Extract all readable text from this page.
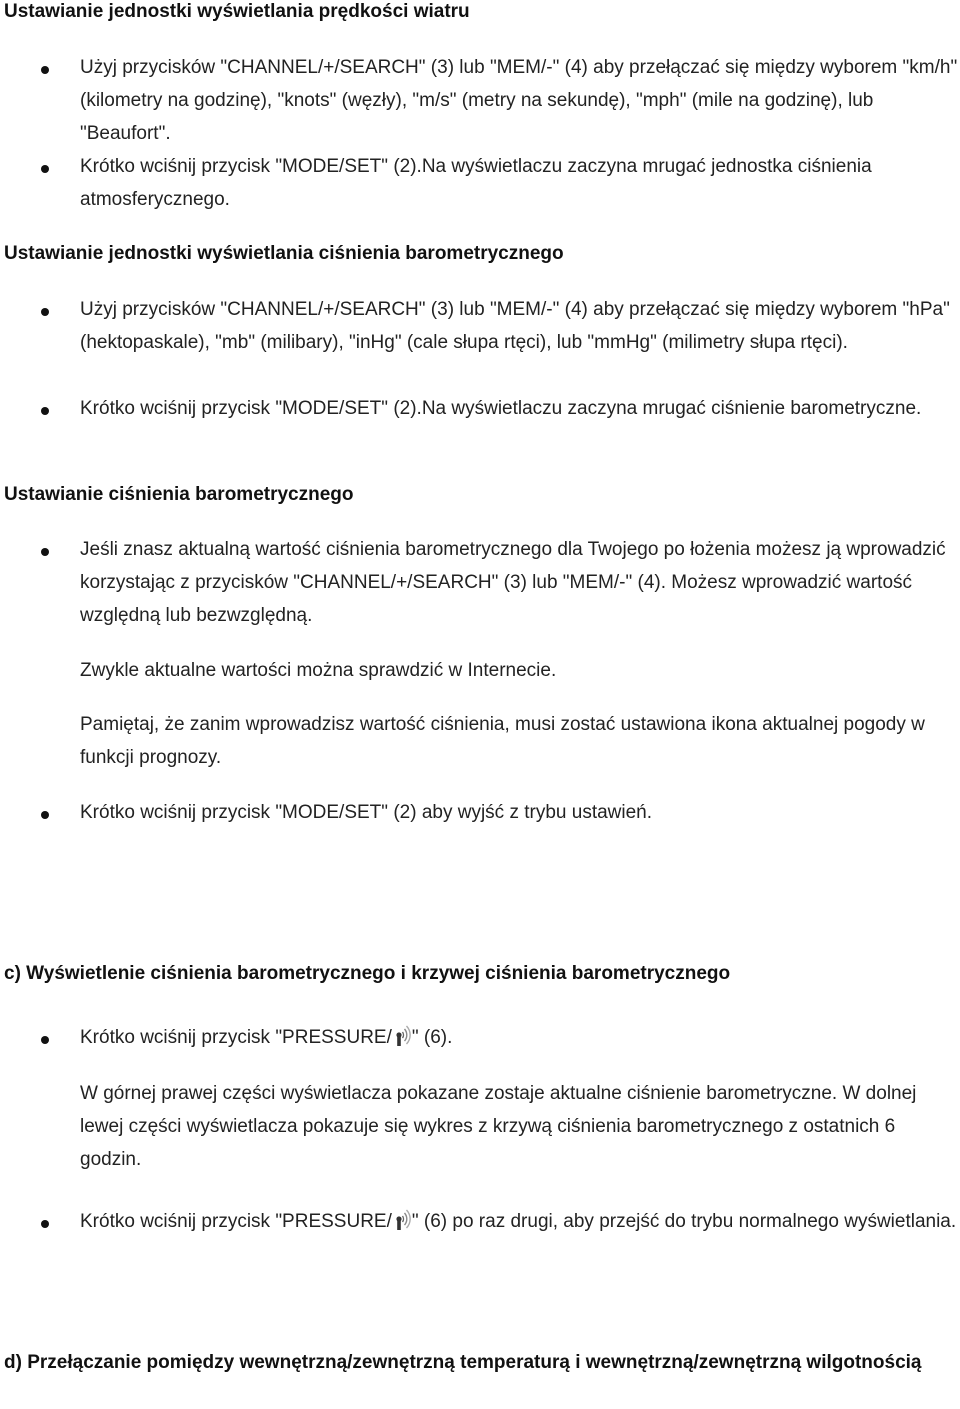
Ustawianie jednostki wyświetlania prędkości wiatru

Użyj przycisków "CHANNEL/+/SEARCH" (3) lub "MEM/-" (4) aby przełączać się między wyborem "km/h" (kilometry na godzinę), "knots" (węzły), "m/s" (metry na sekundę), "mph" (mile na godzinę), lub "Beaufort".

Krótko wciśnij przycisk "MODE/SET" (2).Na wyświetlaczu zaczyna mrugać jednostka ciśnienia atmosferycznego.

Ustawianie jednostki wyświetlania ciśnienia barometrycznego

Użyj przycisków "CHANNEL/+/SEARCH" (3) lub "MEM/-" (4) aby przełączać się między wyborem "hPa" (hektopaskale), "mb" (milibary), "inHg" (cale słupa rtęci), lub "mmHg" (milimetry słupa rtęci).

Krótko wciśnij przycisk "MODE/SET" (2).Na wyświetlaczu zaczyna mrugać ciśnienie barometryczne.

Ustawianie ciśnienia barometrycznego

Jeśli znasz aktualną wartość ciśnienia barometrycznego dla Twojego po łożenia możesz ją wprowadzić korzystając z przycisków "CHANNEL/+/SEARCH" (3) lub "MEM/-" (4). Możesz wprowadzić wartość względną lub bezwzględną.

Zwykle aktualne wartości można sprawdzić w Internecie.

Pamiętaj, że zanim wprowadzisz wartość ciśnienia, musi zostać ustawiona ikona aktualnej pogody w funkcji prognozy.

Krótko wciśnij przycisk "MODE/SET" (2) aby wyjść z trybu ustawień.

c) Wyświetlenie ciśnienia barometrycznego i krzywej ciśnienia barometrycznego

Krótko wciśnij przycisk "PRESSURE/ " (6).

W górnej prawej części wyświetlacza pokazane zostaje aktualne ciśnienie barometryczne. W dolnej lewej części wyświetlacza pokazuje się wykres z krzywą ciśnienia barometrycznego z ostatnich 6 godzin.

Krótko wciśnij przycisk "PRESSURE/ " (6) po raz drugi, aby przejść do trybu normalnego wyświetlania.

d) Przełączanie pomiędzy wewnętrzną/zewnętrzną temperaturą i wewnętrzną/zewnętrzną wilgotnością
